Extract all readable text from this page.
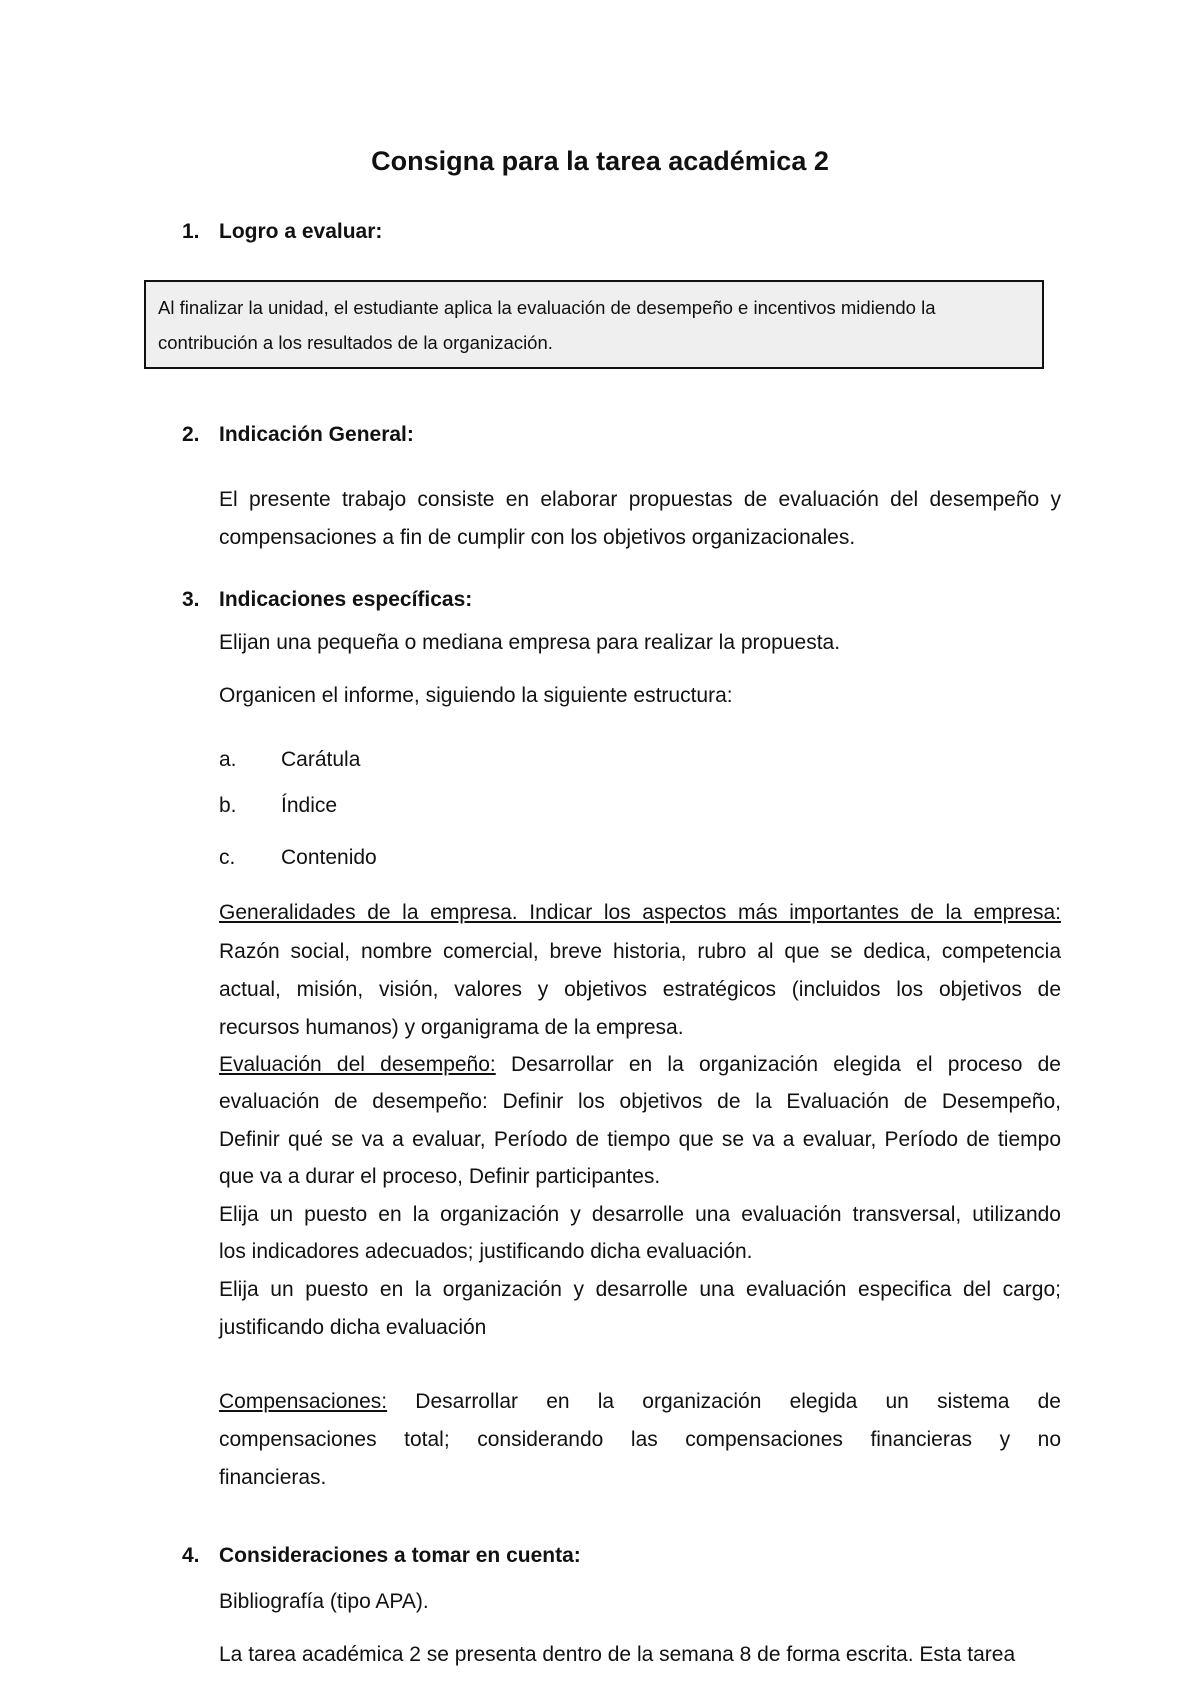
Consigna para la tarea académica 2
1. Logro a evaluar:
Al finalizar la unidad, el estudiante aplica la evaluación de desempeño e incentivos midiendo la
contribución a los resultados de la organización.
2. Indicación General:
El presente trabajo consiste en elaborar propuestas de evaluación del desempeño y
compensaciones a fin de cumplir con los objetivos organizacionales.
3. Indicaciones específicas:
Elijan una pequeña o mediana empresa para realizar la propuesta.
Organicen el informe, siguiendo la siguiente estructura:
a. Carátula
b. Índice
c. Contenido
Generalidades de la empresa. Indicar los aspectos más importantes de la empresa:
Razón social, nombre comercial, breve historia, rubro al que se dedica, competencia
actual, misión, visión, valores y objetivos estratégicos (incluidos los objetivos de
recursos humanos) y organigrama de la empresa.
Evaluación del desempeño: Desarrollar en la organización elegida el proceso de
evaluación de desempeño: Definir los objetivos de la Evaluación de Desempeño,
Definir qué se va a evaluar, Período de tiempo que se va a evaluar, Período de tiempo
que va a durar el proceso, Definir participantes.
Elija un puesto en la organización y desarrolle una evaluación transversal, utilizando
los indicadores adecuados; justificando dicha evaluación.
Elija un puesto en la organización y desarrolle una evaluación especifica del cargo;
justificando dicha evaluación
Compensaciones: Desarrollar en la organización elegida un sistema de
compensaciones total; considerando las compensaciones financieras y no
financieras.
4. Consideraciones a tomar en cuenta:
Bibliografía (tipo APA).
La tarea académica 2 se presenta dentro de la semana 8 de forma escrita. Esta tarea
